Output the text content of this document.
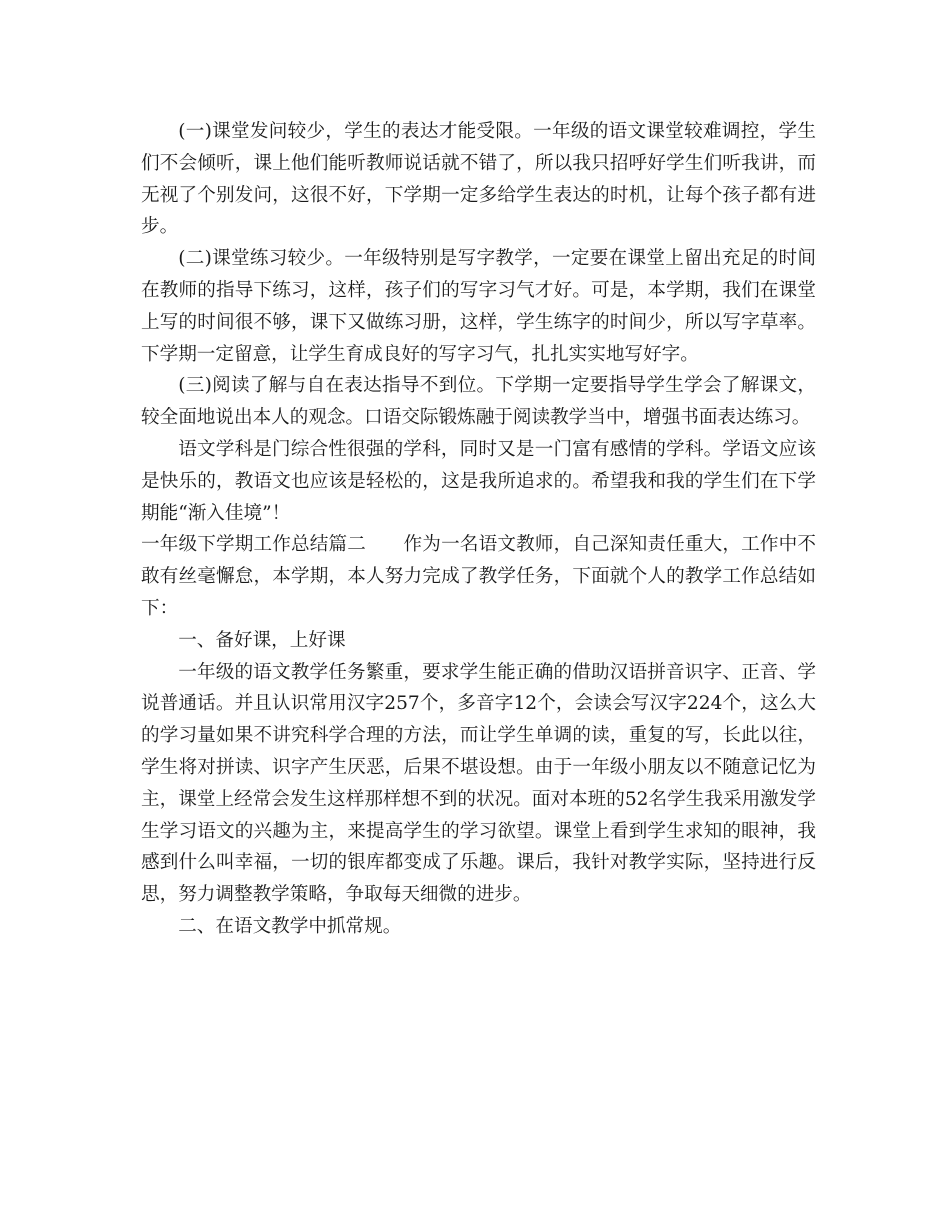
(一)课堂发问较少，学生的表达才能受限。一年级的语文课堂较难调控，学生们不会倾听，课上他们能听教师说话就不错了，所以我只招呼好学生们听我讲，而无视了个别发问，这很不好，下学期一定多给学生表达的时机，让每个孩子都有进步。

(二)课堂练习较少。一年级特别是写字教学，一定要在课堂上留出充足的时间在教师的指导下练习，这样，孩子们的写字习气才好。可是，本学期，我们在课堂上写的时间很不够，课下又做练习册，这样，学生练字的时间少，所以写字草率。下学期一定留意，让学生育成良好的写字习气，扎扎实实地写好字。

(三)阅读了解与自在表达指导不到位。下学期一定要指导学生学会了解课文，较全面地说出本人的观念。口语交际锻炼融于阅读教学当中，增强书面表达练习。

语文学科是门综合性很强的学科，同时又是一门富有感情的学科。学语文应该是快乐的，教语文也应该是轻松的，这是我所追求的。希望我和我的学生们在下学期能“渐入佳境”！

一年级下学期工作总结篇二　　作为一名语文教师，自己深知责任重大，工作中不敢有丝毫懈怠，本学期，本人努力完成了教学任务，下面就个人的教学工作总结如下：

一、备好课，上好课

一年级的语文教学任务繁重，要求学生能正确的借助汉语拼音识字、正音、学说普通话。并且认识常用汉字257个，多音字12个，会读会写汉字224个，这么大的学习量如果不讲究科学合理的方法，而让学生单调的读，重复的写，长此以往，学生将对拼读、识字产生厌恶，后果不堪设想。由于一年级小朋友以不随意记忆为主，课堂上经常会发生这样那样想不到的状况。面对本班的52名学生我采用激发学生学习语文的兴趣为主，来提高学生的学习欲望。课堂上看到学生求知的眼神，我感到什么叫幸福，一切的银库都变成了乐趣。课后，我针对教学实际，坚持进行反思，努力调整教学策略，争取每天细微的进步。

二、在语文教学中抓常规。
